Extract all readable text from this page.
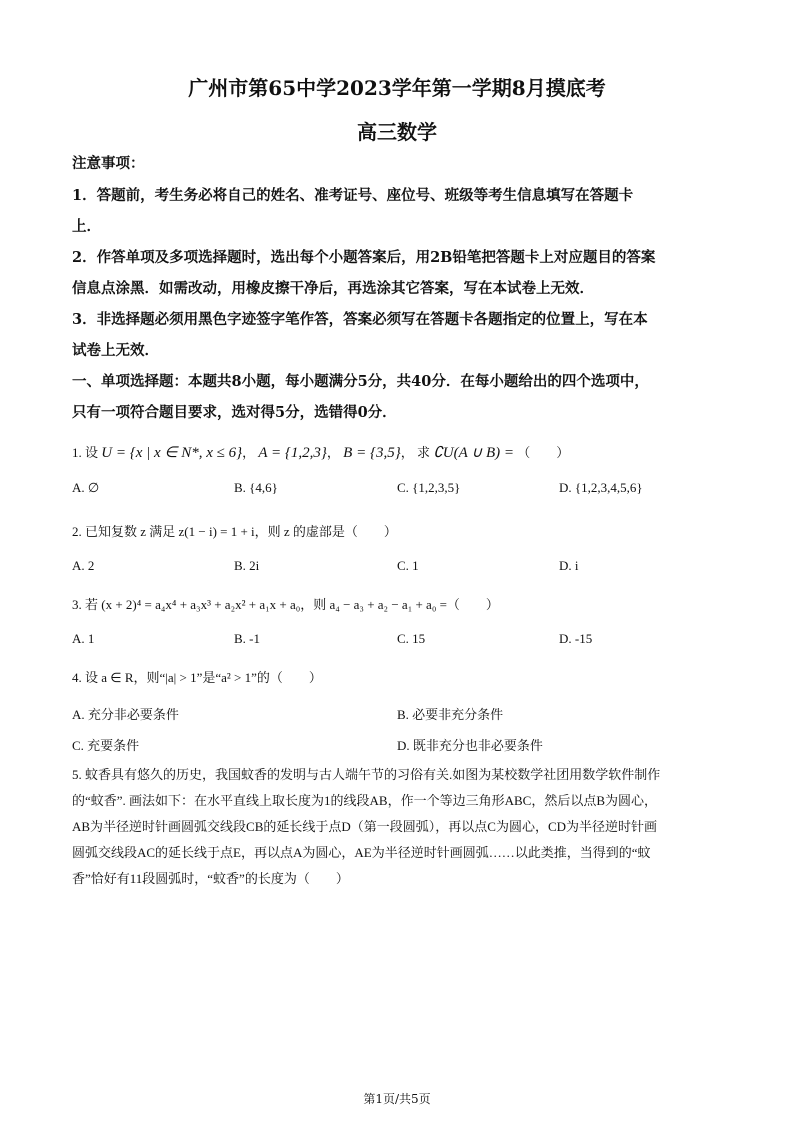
广州市第65中学2023学年第一学期8月摸底考
高三数学
注意事项：
1．答题前，考生务必将自己的姓名、准考证号、座位号、班级等考生信息填写在答题卡
上．
2．作答单项及多项选择题时，选出每个小题答案后，用2B铅笔把答题卡上对应题目的答案
信息点涂黑．如需改动，用橡皮擦干净后，再选涂其它答案，写在本试卷上无效．
3．非选择题必须用黑色字迹签字笔作答，答案必须写在答题卡各题指定的位置上，写在本
试卷上无效．
一、单项选择题：本题共8小题，每小题满分5分，共40分．在每小题给出的四个选项中，
只有一项符合题目要求，选对得5分，选错得0分．
1. 设 U = {x | x ∈ N*, x ≤ 6}， A = {1,2,3}， B = {3,5}， 求 ∁U(A ∪ B) = （　　）
A. ∅	B. {4,6}	C. {1,2,3,5}	D. {1,2,3,4,5,6}
2. 已知复数 z 满足 z(1 − i) = 1 + i，则 z 的虚部是（　　）
A. 2	B. 2i	C. 1	D. i
3. 若 (x + 2)⁴ = a₄x⁴ + a₃x³ + a₂x² + a₁x + a₀，则 a₄ − a₃ + a₂ − a₁ + a₀ =（　　）
A. 1	B. -1	C. 15	D. -15
4. 设 a ∈ R，则“|a| > 1”是“a² > 1”的（　　）
A. 充分非必要条件	B. 必要非充分条件
C. 充要条件	D. 既非充分也非必要条件
5. 蚊香具有悠久的历史，我国蚊香的发明与古人端午节的习俗有关.如图为某校数学社团用数学软件制作
的“蚊香”. 画法如下：在水平直线上取长度为1的线段AB，作一个等边三角形ABC，然后以点B为圆心，
AB为半径逆时针画圆弧交线段CB的延长线于点D（第一段圆弧），再以点C为圆心，CD为半径逆时针画
圆弧交线段AC的延长线于点E，再以点A为圆心，AE为半径逆时针画圆弧……以此类推，当得到的“蚊
香”恰好有11段圆弧时，“蚊香”的长度为（　　）
第1页/共5页
